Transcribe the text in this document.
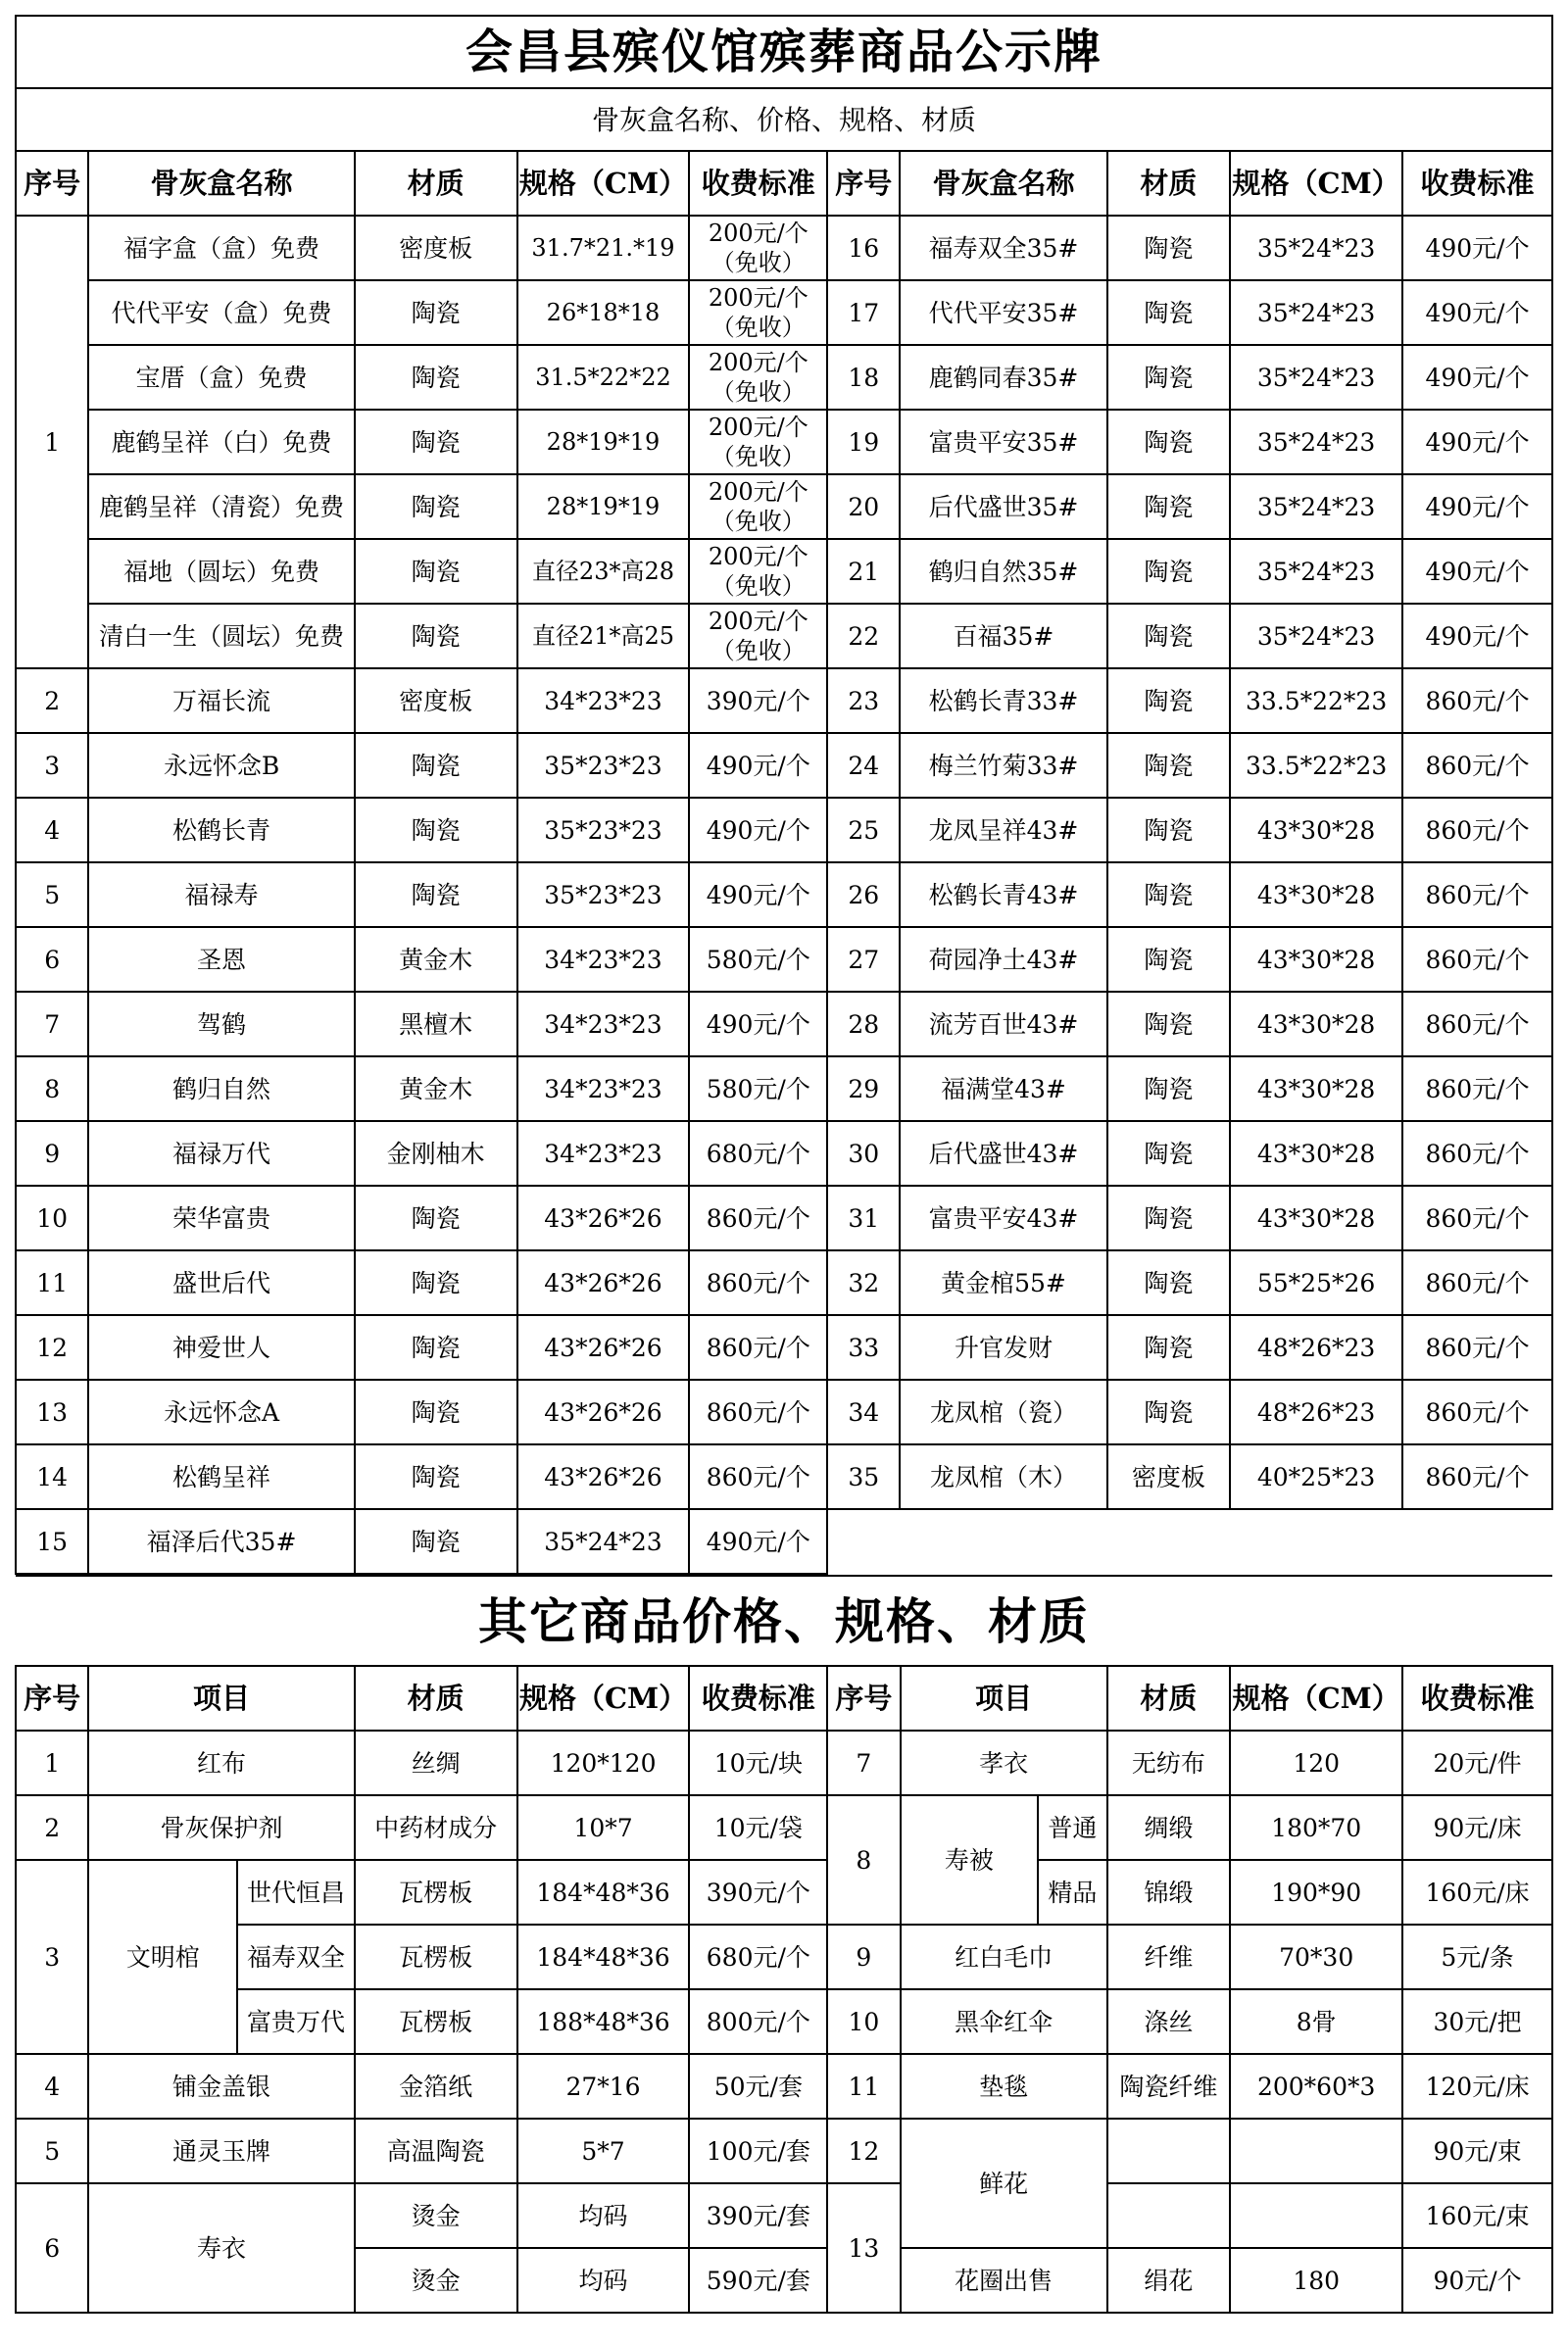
会昌县殡仪馆殡葬商品公示牌									
骨灰盒名称、价格、规格、材质									
序号	骨灰盒名称	材质	规格（CM）	收费标准	序号	骨灰盒名称	材质	规格（CM）	收费标准
1	福字盒（盒）免费	密度板	31.7*21.*19	200元/个（免收）	16	福寿双全35#	陶瓷	35*24*23	490元/个
	代代平安（盒）免费	陶瓷	26*18*18	200元/个（免收）	17	代代平安35#	陶瓷	35*24*23	490元/个
	宝厝（盒）免费	陶瓷	31.5*22*22	200元/个（免收）	18	鹿鹤同春35#	陶瓷	35*24*23	490元/个
	鹿鹤呈祥（白）免费	陶瓷	28*19*19	200元/个（免收）	19	富贵平安35#	陶瓷	35*24*23	490元/个
	鹿鹤呈祥（清瓷）免费	陶瓷	28*19*19	200元/个（免收）	20	后代盛世35#	陶瓷	35*24*23	490元/个
	福地（圆坛）免费	陶瓷	直径23*高28	200元/个（免收）	21	鹤归自然35#	陶瓷	35*24*23	490元/个
	清白一生（圆坛）免费	陶瓷	直径21*高25	200元/个（免收）	22	百福35#	陶瓷	35*24*23	490元/个
2	万福长流	密度板	34*23*23	390元/个	23	松鹤长青33#	陶瓷	33.5*22*23	860元/个
3	永远怀念B	陶瓷	35*23*23	490元/个	24	梅兰竹菊33#	陶瓷	33.5*22*23	860元/个
4	松鹤长青	陶瓷	35*23*23	490元/个	25	龙凤呈祥43#	陶瓷	43*30*28	860元/个
5	福禄寿	陶瓷	35*23*23	490元/个	26	松鹤长青43#	陶瓷	43*30*28	860元/个
6	圣恩	黄金木	34*23*23	580元/个	27	荷园净土43#	陶瓷	43*30*28	860元/个
7	驾鹤	黑檀木	34*23*23	490元/个	28	流芳百世43#	陶瓷	43*30*28	860元/个
8	鹤归自然	黄金木	34*23*23	580元/个	29	福满堂43#	陶瓷	43*30*28	860元/个
9	福禄万代	金刚柚木	34*23*23	680元/个	30	后代盛世43#	陶瓷	43*30*28	860元/个
10	荣华富贵	陶瓷	43*26*26	860元/个	31	富贵平安43#	陶瓷	43*30*28	860元/个
11	盛世后代	陶瓷	43*26*26	860元/个	32	黄金棺55#	陶瓷	55*25*26	860元/个
12	神爱世人	陶瓷	43*26*26	860元/个	33	升官发财	陶瓷	48*26*23	860元/个
13	永远怀念A	陶瓷	43*26*26	860元/个	34	龙凤棺（瓷）	陶瓷	48*26*23	860元/个
14	松鹤呈祥	陶瓷	43*26*26	860元/个	35	龙凤棺（木）	密度板	40*25*23	860元/个
15	福泽后代35#	陶瓷	35*24*23	490元/个					
其它商品价格、规格、材质											
序号	项目		材质	规格（CM）	收费标准	序号	项目		材质	规格（CM）	收费标准
1	红布		丝绸	120*120	10元/块	7	孝衣		无纺布	120	20元/件
2	骨灰保护剂		中药材成分	10*7	10元/袋	8	寿被	普通	绸缎	180*70	90元/床
3	文明棺	世代恒昌	瓦楞板	184*48*36	390元/个			精品	锦缎	190*90	160元/床
		福寿双全	瓦楞板	184*48*36	680元/个	9	红白毛巾		纤维	70*30	5元/条
		富贵万代	瓦楞板	188*48*36	800元/个	10	黑伞红伞		涤丝	8骨	30元/把
4	铺金盖银		金箔纸	27*16	50元/套	11	垫毯		陶瓷纤维	200*60*3	120元/床
5	通灵玉牌		高温陶瓷	5*7	100元/套	12	鲜花				90元/束
6	寿衣		烫金	均码	390元/套	13					160元/束
			烫金	均码	590元/套		花圈出售		绢花	180	90元/个
